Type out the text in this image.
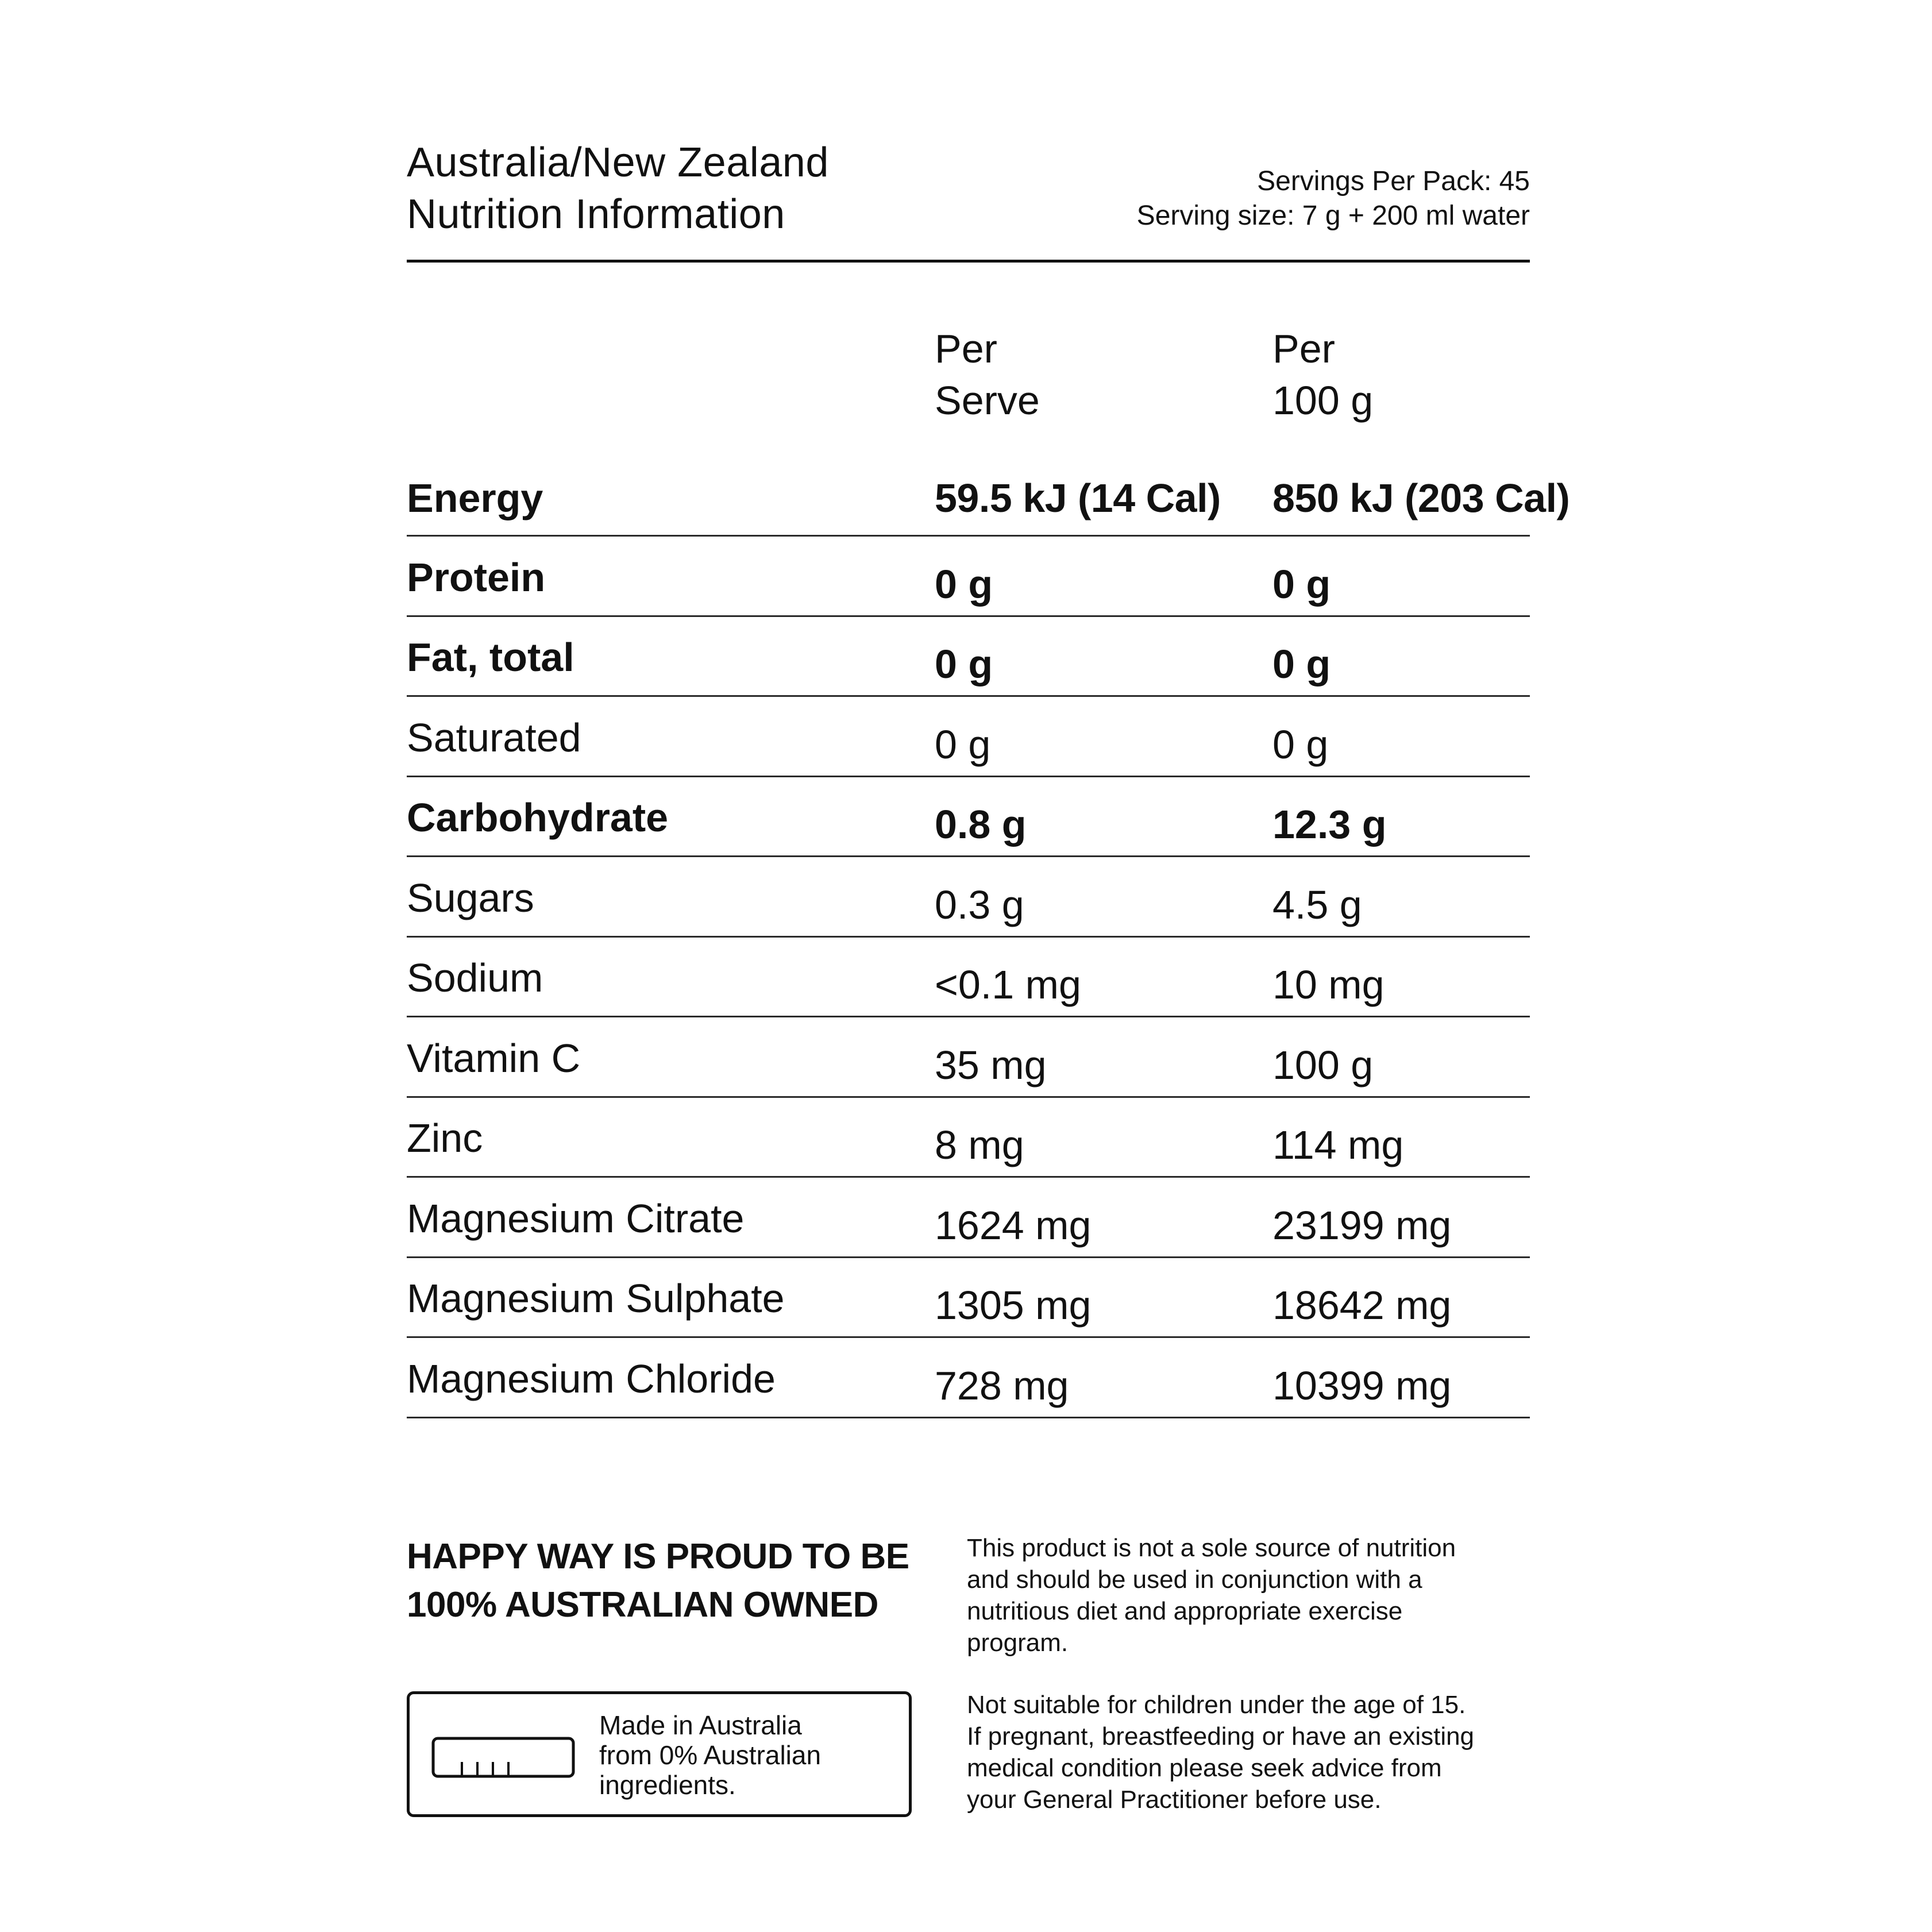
Australia/New Zealand
Nutrition Information
Servings Per Pack: 45
Serving size: 7 g + 200 ml water
Per
Serve
Per
100 g
Energy	59.5 kJ (14 Cal) 850 kJ (203 Cal)
Protein	0 g	0 g
Fat, total	0 g	0 g
Saturated	0 g	0 g
Carbohydrate	0.8 g	12.3 g
Sugars	0.3 g	4.5 g
Sodium	<0.1 mg	10 mg
Vitamin C	35 mg	100 g
Zinc	8 mg	114 mg
Magnesium Citrate	1624 mg	23199 mg
Magnesium Sulphate	1305 mg	18642 mg
Magnesium Chloride	728 mg	10399 mg
HAPPY WAY IS PROUD TO BE
100% AUSTRALIAN OWNED
Made in Australia
from 0% Australian
ingredients.

This product is not a sole source of nutrition
and should be used in conjunction with a
nutritious diet and appropriate exercise
program.

Not suitable for children under the age of 15.
If pregnant, breastfeeding or have an existing
medical condition please seek advice from
your General Practitioner before use.
